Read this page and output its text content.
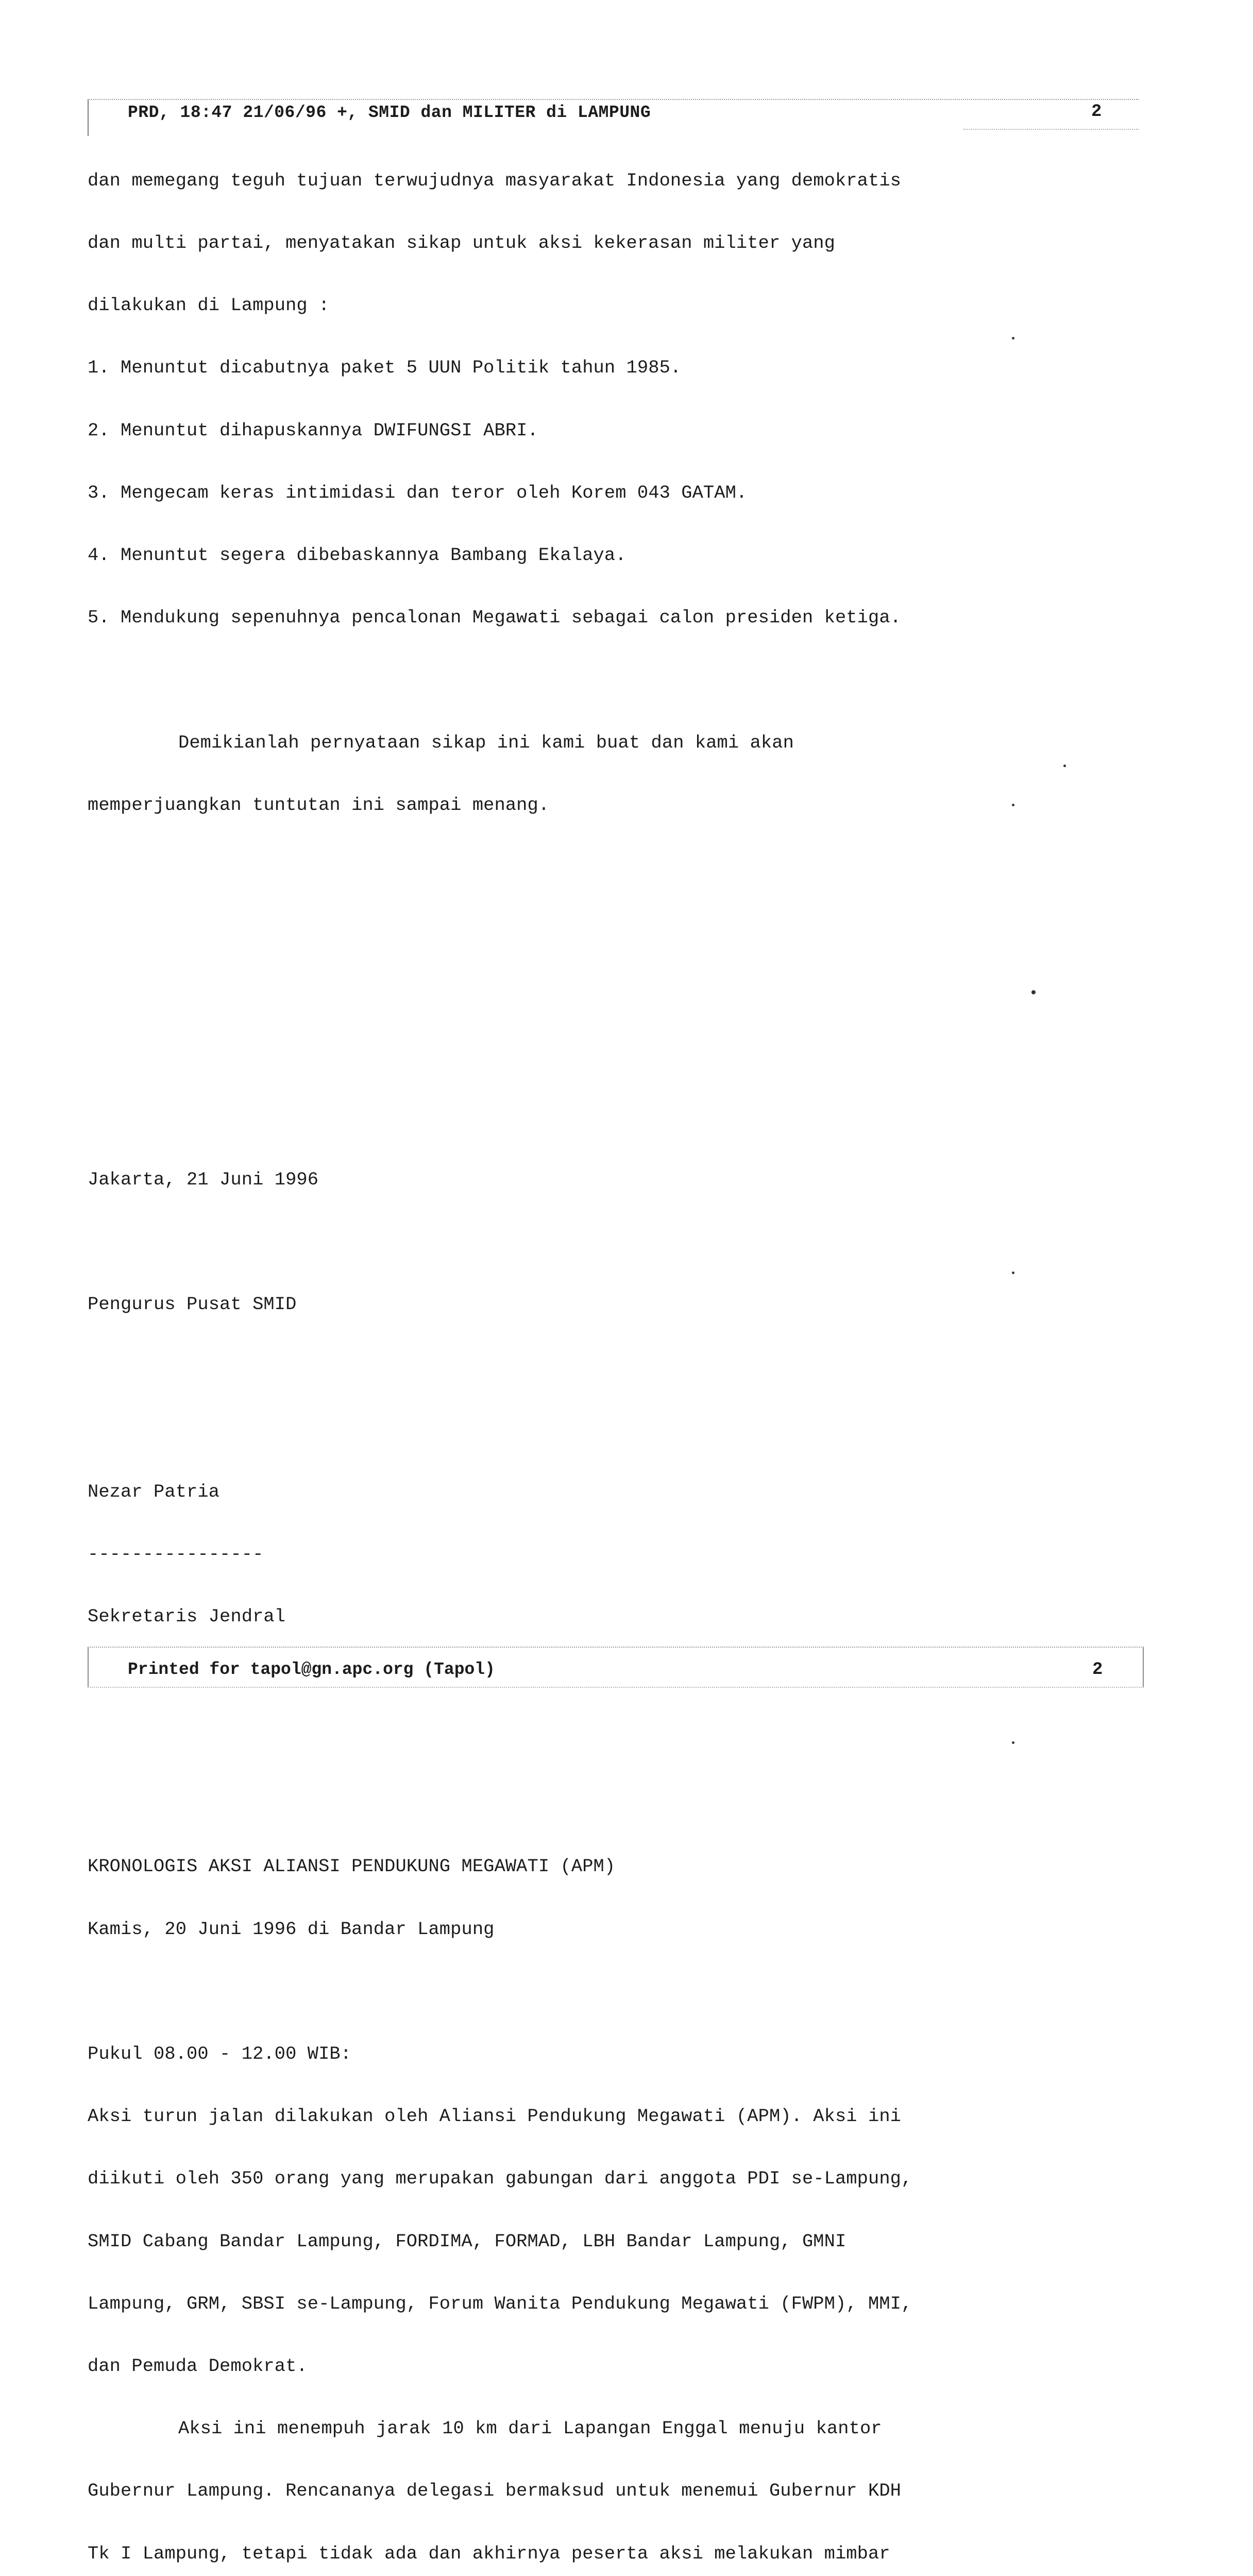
PRD, 18:47 21/06/96 +, SMID dan MILITER di LAMPUNG	2

dan memegang teguh tujuan terwujudnya masyarakat Indonesia yang demokratis

dan multi partai, menyatakan sikap untuk aksi kekerasan militer yang

dilakukan di Lampung :

1. Menuntut dicabutnya paket 5 UUN Politik tahun 1985.

2. Menuntut dihapuskannya DWIFUNGSI ABRI.

3. Mengecam keras intimidasi dan teror oleh Korem 043 GATAM.

4. Menuntut segera dibebaskannya Bambang Ekalaya.

5. Mendukung sepenuhnya pencalonan Megawati sebagai calon presiden ketiga.

Demikianlah pernyataan sikap ini kami buat dan kami akan

memperjuangkan tuntutan ini sampai menang.

Jakarta, 21 Juni 1996

Pengurus Pusat SMID

Nezar Patria

----------------

Sekretaris Jendral

KRONOLOGIS AKSI ALIANSI PENDUKUNG MEGAWATI (APM)

Kamis, 20 Juni 1996 di Bandar Lampung

Pukul 08.00 - 12.00 WIB:

Aksi turun jalan dilakukan oleh Aliansi Pendukung Megawati (APM). Aksi ini

diikuti oleh 350 orang yang merupakan gabungan dari anggota PDI se-Lampung,

SMID Cabang Bandar Lampung, FORDIMA, FORMAD, LBH Bandar Lampung, GMNI

Lampung, GRM, SBSI se-Lampung, Forum Wanita Pendukung Megawati (FWPM), MMI,

dan Pemuda Demokrat.

Aksi ini menempuh jarak 10 km dari Lapangan Enggal menuju kantor

Gubernur Lampung. Rencananya delegasi bermaksud untuk menemui Gubernur KDH

Tk I Lampung, tetapi tidak ada dan akhirnya peserta aksi melakukan mimbar

Printed for tapol@gn.apc.org (Tapol)	2
